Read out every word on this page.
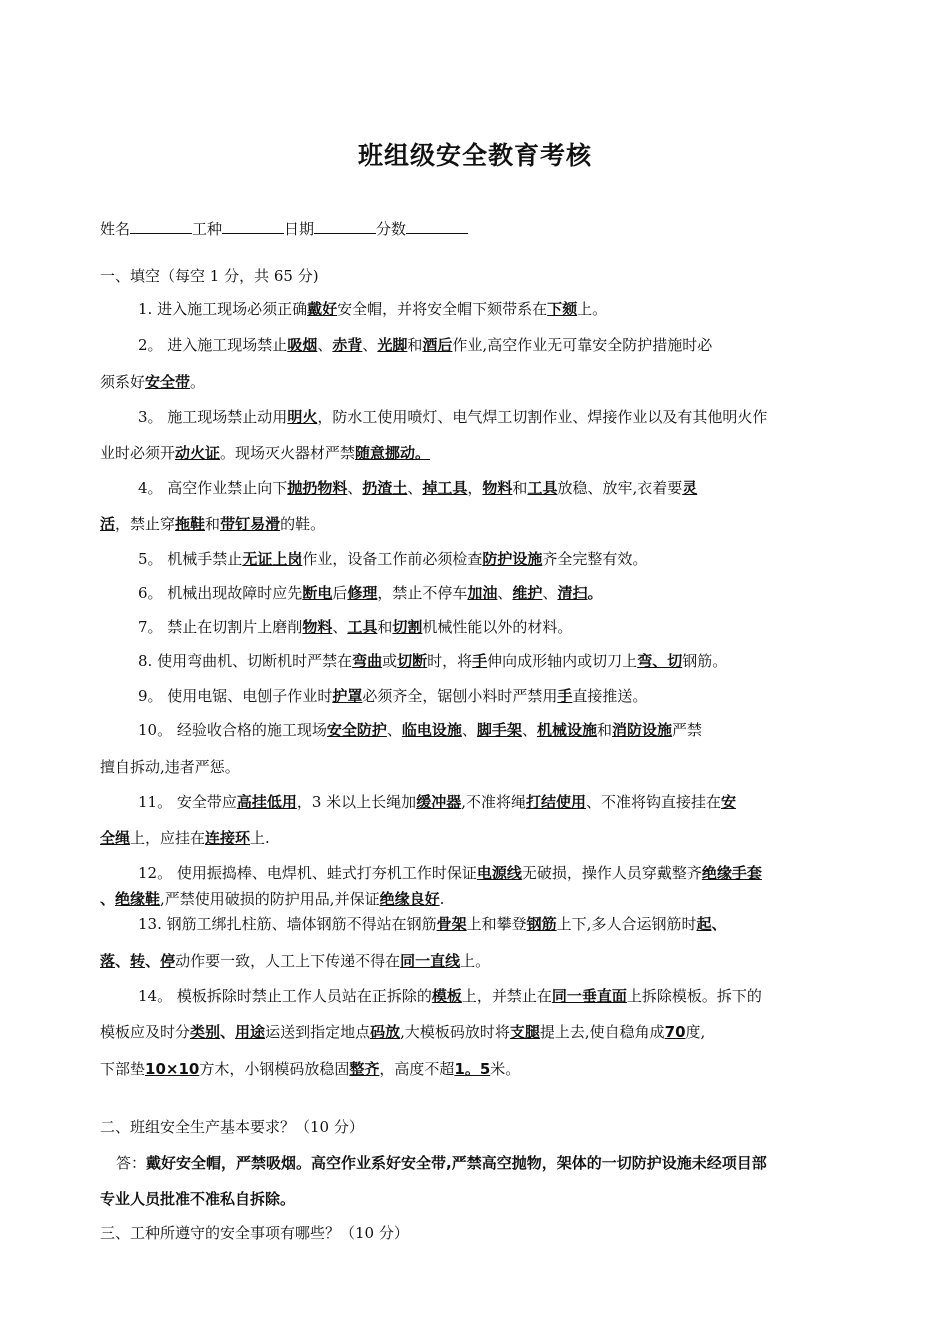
班组级安全教育考核
姓名	工种	日期	分数
一、填空（每空 1 分，共 65 分)
1. 进入施工现场必须正确戴好安全帽，并将安全帽下颏带系在下颏上。
2。 进入施工现场禁止吸烟、赤背、光脚和酒后作业,高空作业无可靠安全防护措施时必
须系好安全带。
3。 施工现场禁止动用明火，防水工使用喷灯、电气焊工切割作业、焊接作业以及有其他明火作
业时必须开动火证。现场灭火器材严禁随意挪动。
4。 高空作业禁止向下抛扔物料、扔渣土、掉工具，物料和工具放稳、放牢,衣着要灵
活，禁止穿拖鞋和带钉易滑的鞋。
5。 机械手禁止无证上岗作业，设备工作前必须检查防护设施齐全完整有效。
6。 机械出现故障时应先断电后修理，禁止不停车加油、维护、清扫。
7。 禁止在切割片上磨削物料、工具和切割机械性能以外的材料。
8. 使用弯曲机、切断机时严禁在弯曲或切断时，将手伸向成形轴内或切刀上弯、切钢筋。
9。 使用电锯、电刨子作业时护罩必须齐全，锯刨小料时严禁用手直接推送。
10。 经验收合格的施工现场安全防护、临电设施、脚手架、机械设施和消防设施严禁
擅自拆动,违者严惩。
11。 安全带应高挂低用，3 米以上长绳加缓冲器,不准将绳打结使用、不准将钩直接挂在安
全绳上，应挂在连接环上.
12。 使用振捣棒、电焊机、蛙式打夯机工作时保证电源线无破损，操作人员穿戴整齐绝缘手套
、绝缘鞋,严禁使用破损的防护用品,并保证绝缘良好.
13. 钢筋工绑扎柱筋、墙体钢筋不得站在钢筋骨架上和攀登钢筋上下,多人合运钢筋时起、
落、转、停动作要一致，人工上下传递不得在同一直线上。
14。 模板拆除时禁止工作人员站在正拆除的模板上，并禁止在同一垂直面上拆除模板。拆下的
模板应及时分类别、用途运送到指定地点码放,大模板码放时将支腿提上去,使自稳角成70度,
下部垫10×10方木，小钢模码放稳固整齐，高度不超1。5米。
二、班组安全生产基本要求？（10 分）
答：戴好安全帽，严禁吸烟。高空作业系好安全带,严禁高空抛物，架体的一切防护设施未经项目部
专业人员批准不准私自拆除。
三、工种所遵守的安全事项有哪些？（10 分）
